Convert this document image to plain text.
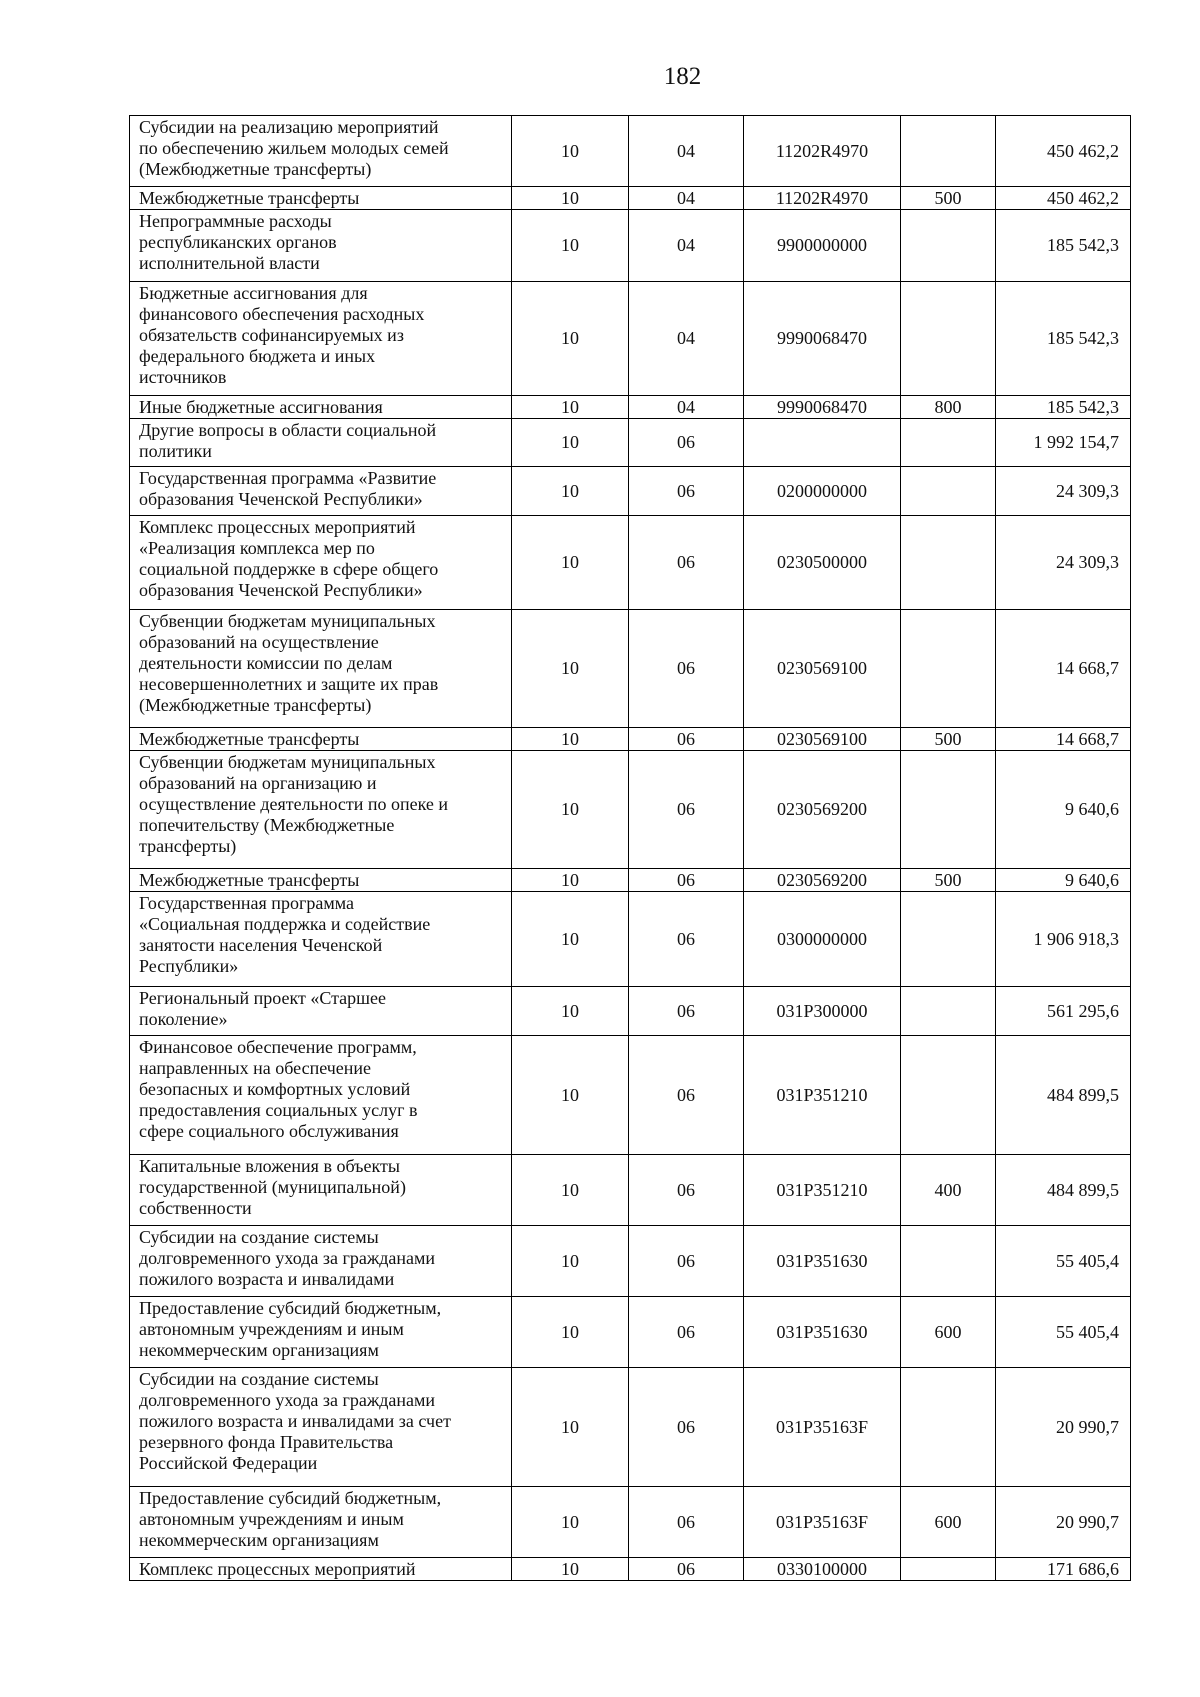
182
Субсидии на реализацию мероприятий
по обеспечению жильем молодых семей
(Межбюджетные трансферты)	10	04	11202R4970		450 462,2

Межбюджетные трансферты	10	04	11202R4970	500	450 462,2

Непрограммные расходы
республиканских органов
исполнительной власти	10	04	9900000000		185 542,3

Бюджетные ассигнования для
финансового обеспечения расходных
обязательств софинансируемых из
федерального бюджета и иных
источников	10	04	9990068470		185 542,3

Иные бюджетные ассигнования	10	04	9990068470	800	185 542,3

Другие вопросы в области социальной
политики	10	06			1 992 154,7

Государственная программа «Развитие
образования Чеченской Республики»	10	06	0200000000		24 309,3

Комплекс процессных мероприятий
«Реализация комплекса мер по
социальной поддержке в сфере общего
образования Чеченской Республики»	10	06	0230500000		24 309,3

Субвенции бюджетам муниципальных
образований на осуществление
деятельности комиссии по делам
несовершеннолетних и защите их прав
(Межбюджетные трансферты)	10	06	0230569100		14 668,7

Межбюджетные трансферты	10	06	0230569100	500	14 668,7

Субвенции бюджетам муниципальных
образований на организацию и
осуществление деятельности по опеке и
попечительству (Межбюджетные
трансферты)	10	06	0230569200		9 640,6

Межбюджетные трансферты	10	06	0230569200	500	9 640,6

Государственная программа
«Социальная поддержка и содействие
занятости населения Чеченской
Республики»	10	06	0300000000		1 906 918,3

Региональный проект «Старшее
поколение»	10	06	031P300000		561 295,6

Финансовое обеспечение программ,
направленных на обеспечение
безопасных и комфортных условий
предоставления социальных услуг в
сфере социального обслуживания	10	06	031P351210		484 899,5

Капитальные вложения в объекты
государственной (муниципальной)
собственности	10	06	031P351210	400	484 899,5

Субсидии на создание системы
долговременного ухода за гражданами
пожилого возраста и инвалидами	10	06	031P351630		55 405,4

Предоставление субсидий бюджетным,
автономным учреждениям и иным
некоммерческим организациям	10	06	031P351630	600	55 405,4

Субсидии на создание системы
долговременного ухода за гражданами
пожилого возраста и инвалидами за счет
резервного фонда Правительства
Российской Федерации	10	06	031P35163F		20 990,7

Предоставление субсидий бюджетным,
автономным учреждениям и иным
некоммерческим организациям	10	06	031P35163F	600	20 990,7

Комплекс процессных мероприятий	10	06	0330100000		171 686,6
